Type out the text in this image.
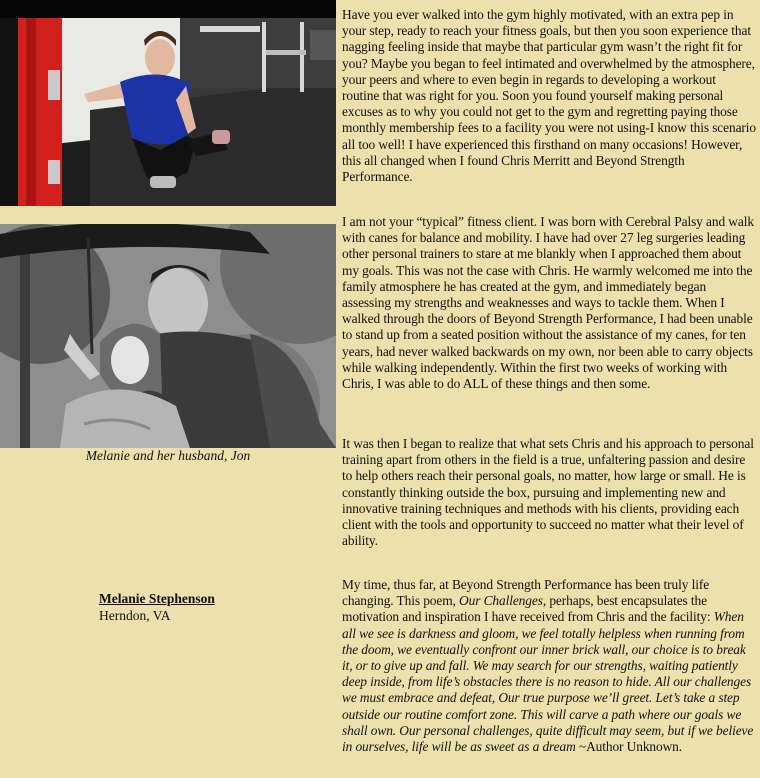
Melanie and her husband, Jon
Melanie Stephenson
Herndon, VA

Have you ever walked into the gym highly motivated, with an extra pep in your step, ready to reach your fitness goals, but then you soon experience that nagging feeling inside that maybe that particular gym wasn’t the right fit for you? Maybe you began to feel intimated and overwhelmed by the atmosphere, your peers and where to even begin in regards to developing a workout routine that was right for you. Soon you found yourself making personal excuses as to why you could not get to the gym and regretting paying those monthly membership fees to a facility you were not using-I know this scenario all too well! I have experienced this firsthand on many occasions! However, this all changed when I found Chris Merritt and Beyond Strength Performance.

I am not your “typical” fitness client. I was born with Cerebral Palsy and walk with canes for balance and mobility. I have had over 27 leg surgeries leading other personal trainers to stare at me blankly when I approached them about my goals. This was not the case with Chris. He warmly welcomed me into the family atmosphere he has created at the gym, and immediately began assessing my strengths and weaknesses and ways to tackle them. When I walked through the doors of Beyond Strength Performance, I had been unable to stand up from a seated position without the assistance of my canes, for ten years, had never walked backwards on my own, nor been able to carry objects while walking independently. Within the first two weeks of working with Chris, I was able to do ALL of these things and then some.

It was then I began to realize that what sets Chris and his approach to personal training apart from others in the field is a true, unfaltering passion and desire to help others reach their personal goals, no matter, how large or small. He is constantly thinking outside the box, pursuing and implementing new and innovative training techniques and methods with his clients, providing each client with the tools and opportunity to succeed no matter what their level of ability.

My time, thus far, at Beyond Strength Performance has been truly life changing. This poem, Our Challenges, perhaps, best encapsulates the motivation and inspiration I have received from Chris and the facility: When all we see is darkness and gloom, we feel totally helpless when running from the doom, we eventually confront our inner brick wall, our choice is to break it, or to give up and fall. We may search for our strengths, waiting patiently deep inside, from life’s obstacles there is no reason to hide. All our challenges we must embrace and defeat, Our true purpose we’ll greet. Let’s take a step outside our routine comfort zone. This will carve a path where our goals we shall own. Our personal challenges, quite difficult may seem, but if we believe in ourselves, life will be as sweet as a dream ~Author Unknown.
